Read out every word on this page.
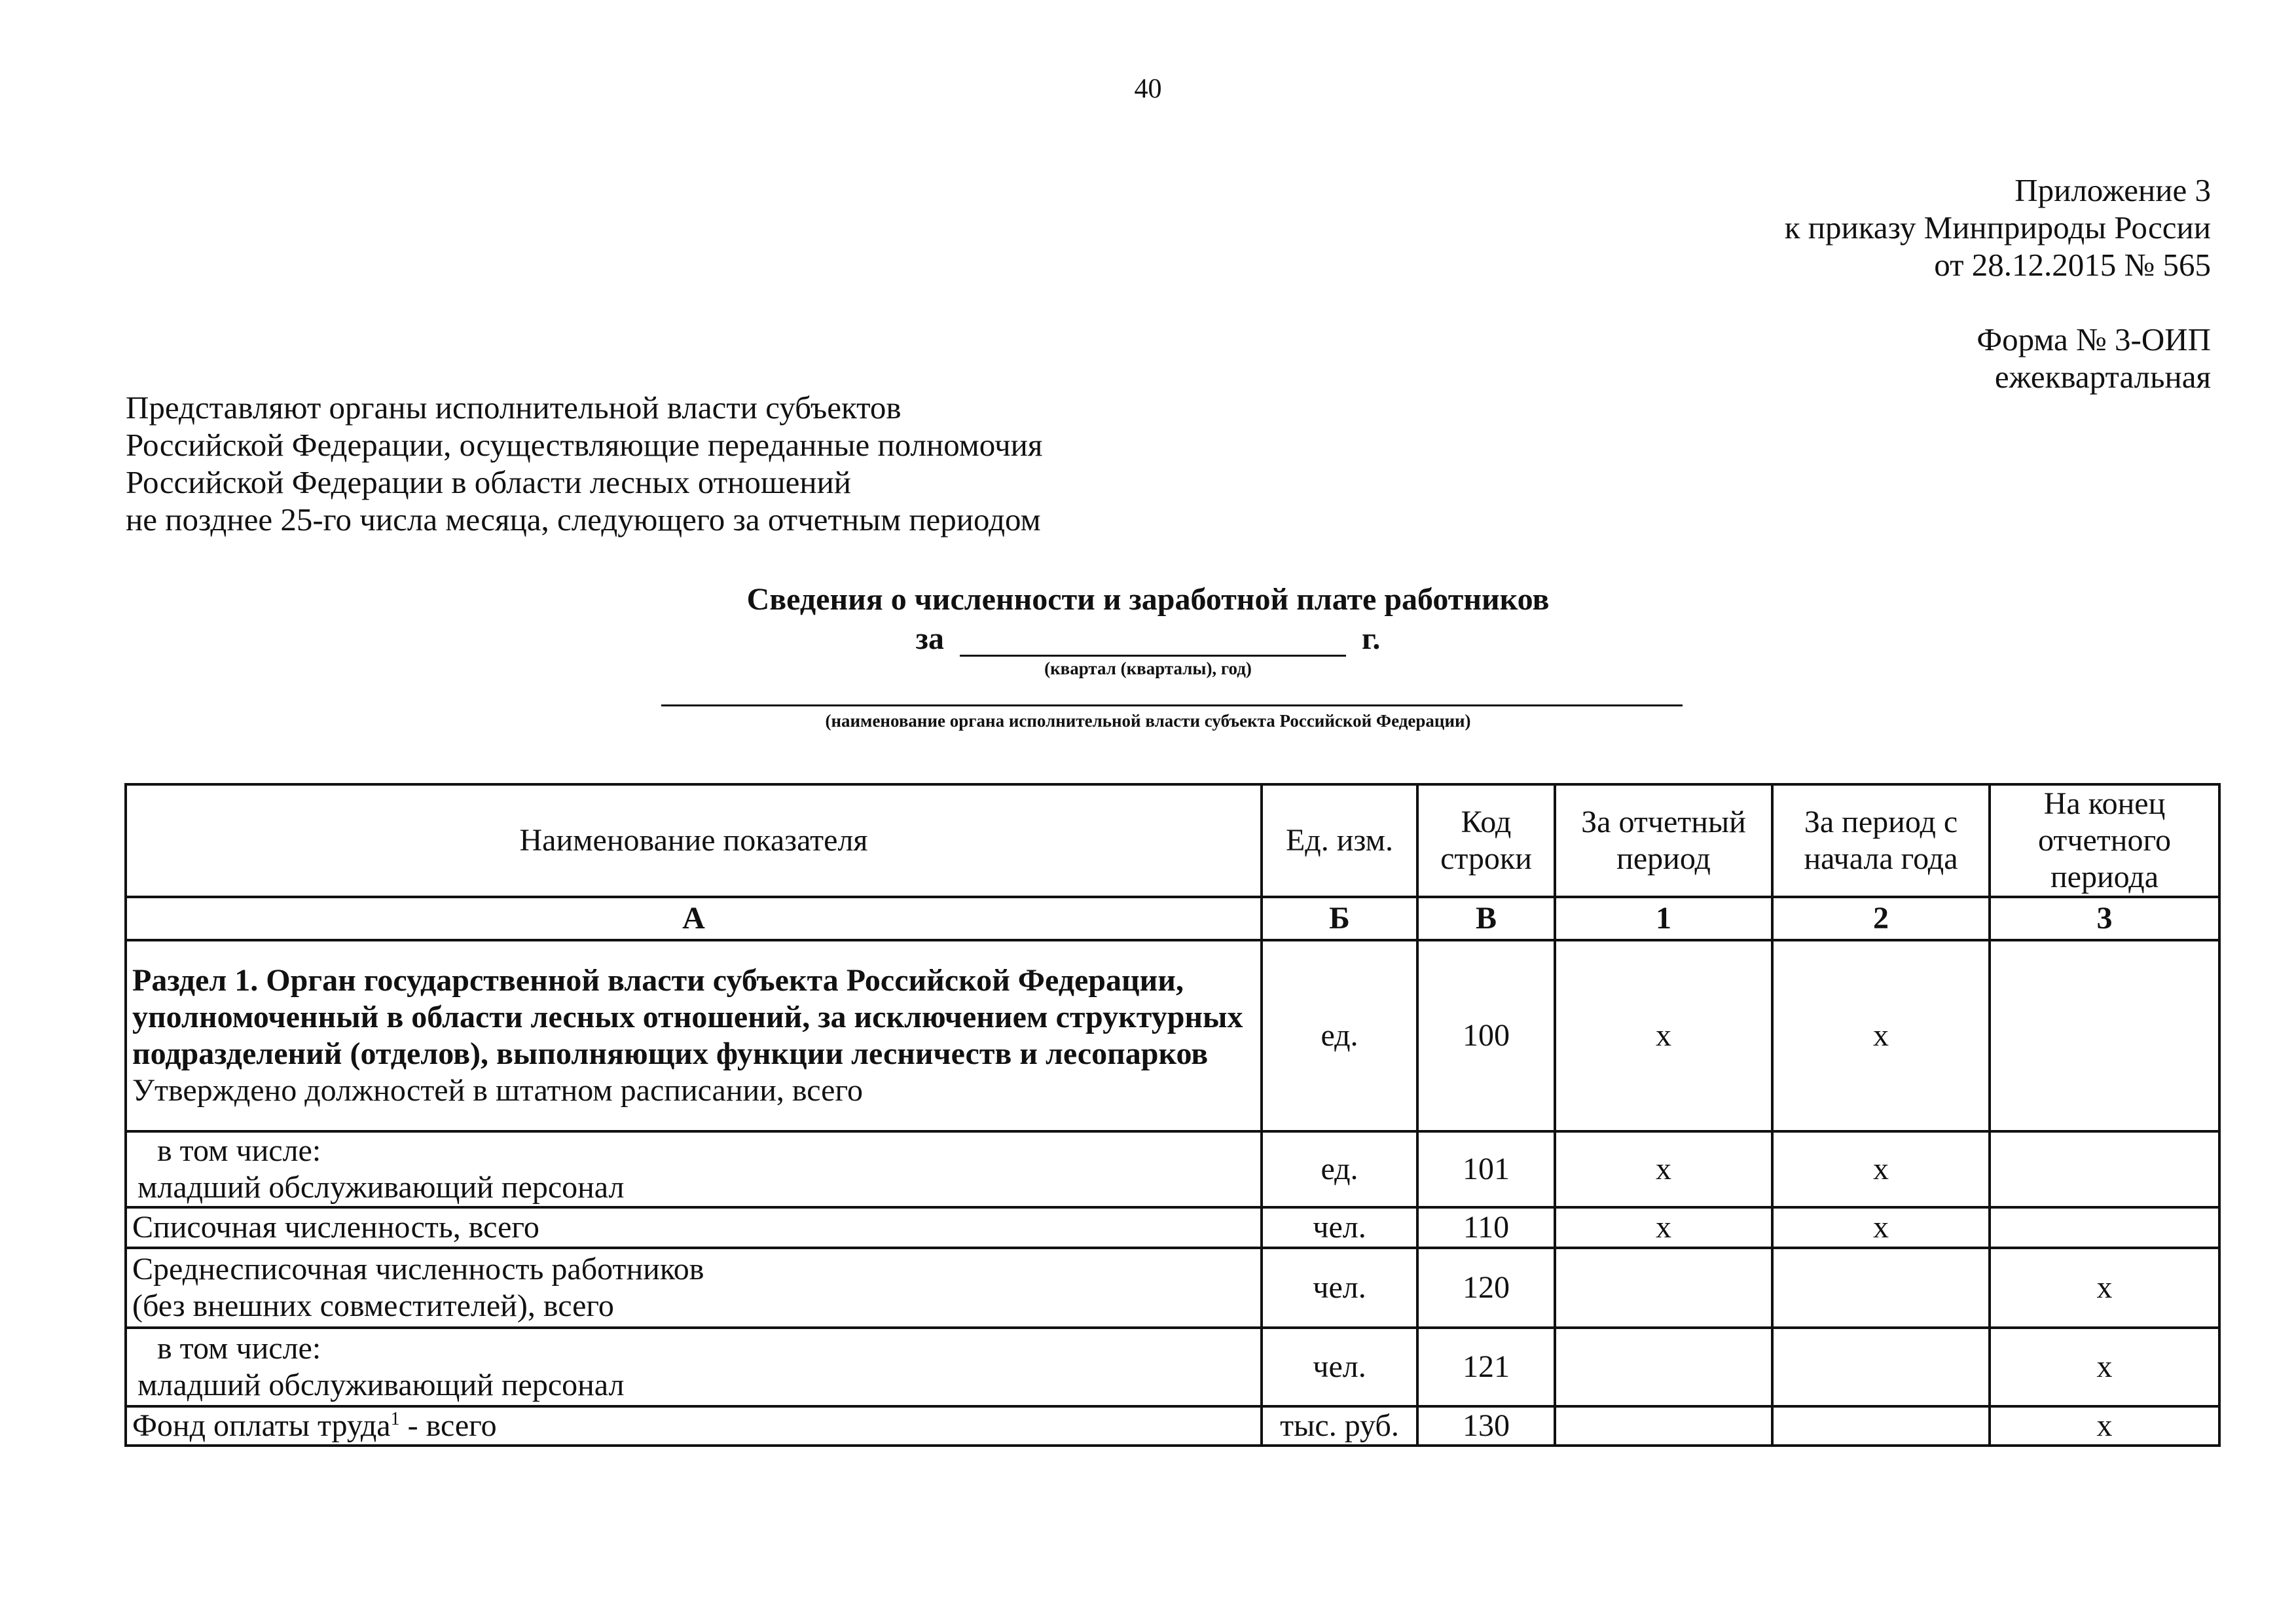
40
Приложение 3
к приказу Минприроды России
от 28.12.2015 № 565
Форма № 3-ОИП
ежеквартальная
Представляют органы исполнительной власти субъектов
Российской Федерации, осуществляющие переданные полномочия
Российской Федерации в области лесных отношений
не позднее 25-го числа месяца, следующего за отчетным периодом
Сведения о численности и заработной плате работников
за	г.
(квартал (кварталы), год)
(наименование органа исполнительной власти субъекта Российской Федерации)
Наименование показателя	Ед. изм.	Код строки	За отчетный период	За период с начала года	На конец отчетного периода
А	Б	В	1	2	3

Раздел 1. Орган государственной власти субъекта Российской Федерации, уполномоченный в области лесных отношений, за исключением структурных подразделений (отделов), выполняющих функции лесничеств и лесопарков
Утверждено должностей в штатном расписании, всего	ед.	100	х	х	

в том числе:
младший обслуживающий персонал	ед.	101	х	х	
Списочная численность, всего	чел.	110	х	х	

Среднесписочная численность работников
(без внешних совместителей), всего	чел.	120			х

в том числе:
младший обслуживающий персонал	чел.	121			х
Фонд оплаты труда$^1$ - всего	тыс. руб.	130			х
